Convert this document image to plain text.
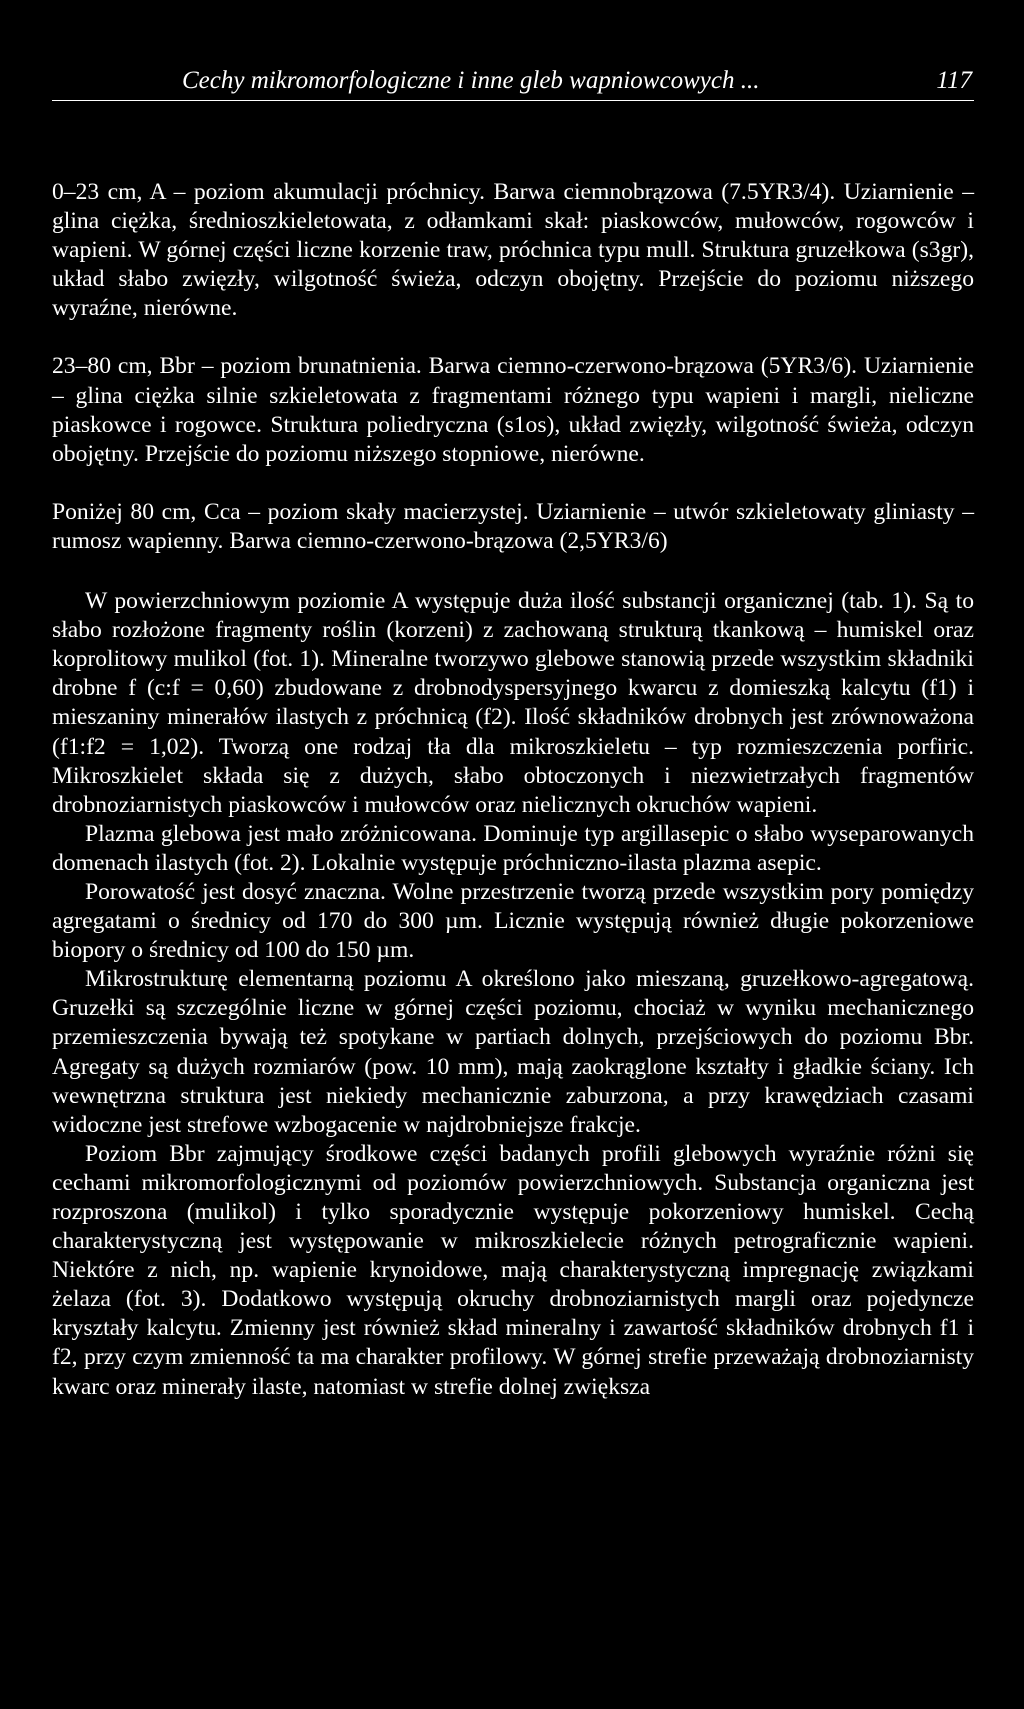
Cechy mikromorfologiczne i inne gleb wapniowcowych ...	117

0–23 cm, A – poziom akumulacji próchnicy. Barwa ciemnobrązowa (7.5YR3/4). Uziarnienie – glina ciężka, średnioszkieletowata, z odłamkami skał: piaskowców, mułowców, rogowców i wapieni. W górnej części liczne korzenie traw, próchnica typu mull. Struktura gruzełkowa (s3gr), układ słabo zwięzły, wilgotność świeża, odczyn obojętny. Przejście do poziomu niższego wyraźne, nierówne.

23–80 cm, Bbr – poziom brunatnienia. Barwa ciemno-czerwono-brązowa (5YR3/6). Uziarnienie – glina ciężka silnie szkieletowata z fragmentami różnego typu wapieni i margli, nieliczne piaskowce i rogowce. Struktura poliedryczna (s1os), układ zwięzły, wilgotność świeża, odczyn obojętny. Przejście do poziomu niższego stopniowe, nierówne.

Poniżej 80 cm, Cca – poziom skały macierzystej. Uziarnienie – utwór szkieletowaty gliniasty – rumosz wapienny. Barwa ciemno-czerwono-brązowa (2,5YR3/6)

W powierzchniowym poziomie A występuje duża ilość substancji organicznej (tab. 1). Są to słabo rozłożone fragmenty roślin (korzeni) z zachowaną strukturą tkankową – humiskel oraz koprolitowy mulikol (fot. 1). Mineralne tworzywo glebowe stanowią przede wszystkim składniki drobne f (c:f = 0,60) zbudowane z drobnodyspersyjnego kwarcu z domieszką kalcytu (f1) i mieszaniny minerałów ilastych z próchnicą (f2). Ilość składników drobnych jest zrównoważona (f1:f2 = 1,02). Tworzą one rodzaj tła dla mikroszkieletu – typ rozmieszczenia porfiric. Mikroszkielet składa się z dużych, słabo obtoczonych i niezwietrzałych fragmentów drobnoziarnistych piaskowców i mułowców oraz nielicznych okruchów wapieni.

Plazma glebowa jest mało zróżnicowana. Dominuje typ argillasepic o słabo wyseparowanych domenach ilastych (fot. 2). Lokalnie występuje próchniczno-ilasta plazma asepic.

Porowatość jest dosyć znaczna. Wolne przestrzenie tworzą przede wszystkim pory pomiędzy agregatami o średnicy od 170 do 300 µm. Licznie występują również długie pokorzeniowe biopory o średnicy od 100 do 150 µm.

Mikrostrukturę elementarną poziomu A określono jako mieszaną, gruzełkowo-agregatową. Gruzełki są szczególnie liczne w górnej części poziomu, chociaż w wyniku mechanicznego przemieszczenia bywają też spotykane w partiach dolnych, przejściowych do poziomu Bbr. Agregaty są dużych rozmiarów (pow. 10 mm), mają zaokrąglone kształty i gładkie ściany. Ich wewnętrzna struktura jest niekiedy mechanicznie zaburzona, a przy krawędziach czasami widoczne jest strefowe wzbogacenie w najdrobniejsze frakcje.

Poziom Bbr zajmujący środkowe części badanych profili glebowych wyraźnie różni się cechami mikromorfologicznymi od poziomów powierzchniowych. Substancja organiczna jest rozproszona (mulikol) i tylko sporadycznie występuje pokorzeniowy humiskel. Cechą charakterystyczną jest występowanie w mikroszkielecie różnych petrograficznie wapieni. Niektóre z nich, np. wapienie krynoidowe, mają charakterystyczną impregnację związkami żelaza (fot. 3). Dodatkowo występują okruchy drobnoziarnistych margli oraz pojedyncze kryształy kalcytu. Zmienny jest również skład mineralny i zawartość składników drobnych f1 i f2, przy czym zmienność ta ma charakter profilowy. W górnej strefie przeważają drobnoziarnisty kwarc oraz minerały ilaste, natomiast w strefie dolnej zwiększa
